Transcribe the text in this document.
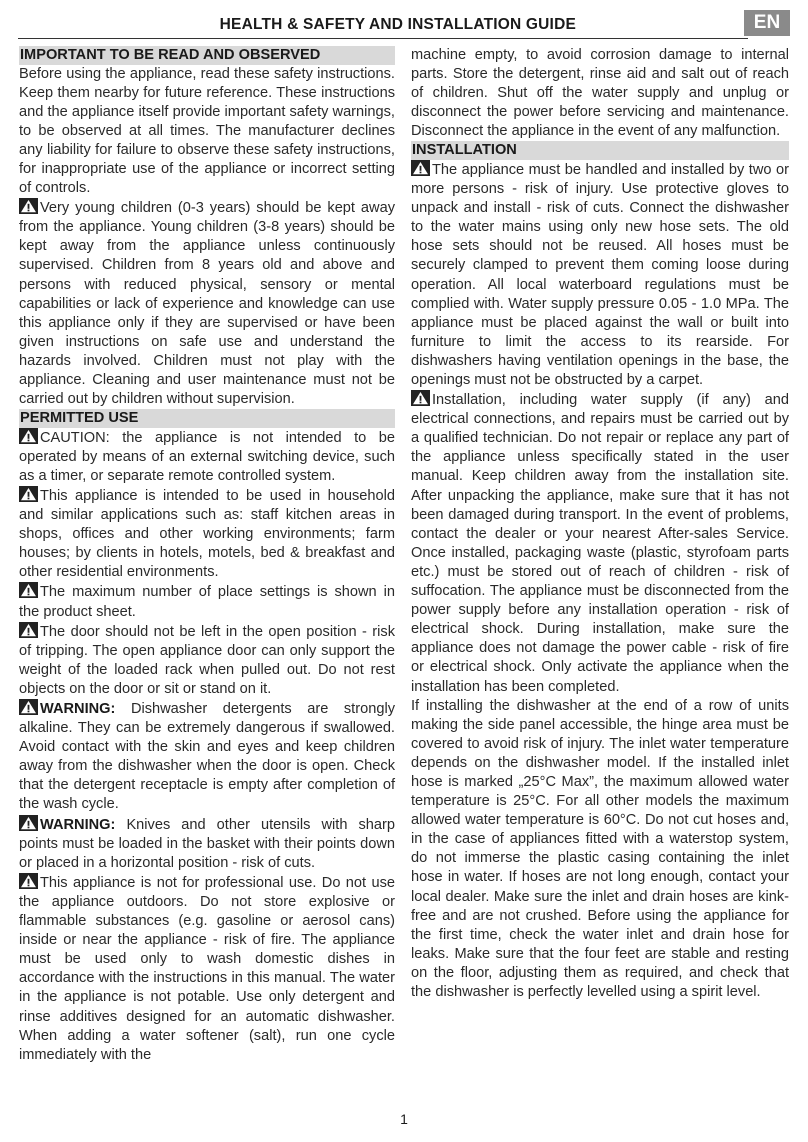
HEALTH & SAFETY AND INSTALLATION GUIDE	EN
IMPORTANT TO BE READ AND OBSERVED

Before using the appliance, read these safety instructions. Keep them nearby for future reference. These instructions and the appliance itself provide important safety warnings, to be observed at all times. The manufacturer declines any liability for failure to observe these safety instructions, for inappropriate use of the appliance or incorrect setting of controls.

Very young children (0-3 years) should be kept away from the appliance. Young children (3-8 years) should be kept away from the appliance unless continuously supervised. Children from 8 years old and above and persons with reduced physical, sensory or mental capabilities or lack of experience and knowledge can use this appliance only if they are supervised or have been given instructions on safe use and understand the hazards involved. Children must not play with the appliance. Cleaning and user maintenance must not be carried out by children without supervision.

PERMITTED USE

CAUTION: the appliance is not intended to be operated by means of an external switching device, such as a timer, or separate remote controlled system.

This appliance is intended to be used in household and similar applications such as: staff kitchen areas in shops, offices and other working environments; farm houses; by clients in hotels, motels, bed & breakfast and other residential environments.

The maximum number of place settings is shown in the product sheet.

The door should not be left in the open position - risk of tripping. The open appliance door can only support the weight of the loaded rack when pulled out. Do not rest objects on the door or sit or stand on it.

WARNING: Dishwasher detergents are strongly alkaline. They can be extremely dangerous if swallowed. Avoid contact with the skin and eyes and keep children away from the dishwasher when the door is open. Check that the detergent receptacle is empty after completion of the wash cycle.

WARNING: Knives and other utensils with sharp points must be loaded in the basket with their points down or placed in a horizontal position - risk of cuts.

This appliance is not for professional use. Do not use the appliance outdoors. Do not store explosive or flammable substances (e.g. gasoline or aerosol cans) inside or near the appliance - risk of fire. The appliance must be used only to wash domestic dishes in accordance with the instructions in this manual. The water in the appliance is not potable. Use only detergent and rinse additives designed for an automatic dishwasher. When adding a water softener (salt), run one cycle immediately with the

machine empty, to avoid corrosion damage to internal parts. Store the detergent, rinse aid and salt out of reach of children. Shut off the water supply and unplug or disconnect the power before servicing and maintenance. Disconnect the appliance in the event of any malfunction.

INSTALLATION

The appliance must be handled and installed by two or more persons - risk of injury. Use protective gloves to unpack and install - risk of cuts. Connect the dishwasher to the water mains using only new hose sets. The old hose sets should not be reused. All hoses must be securely clamped to prevent them coming loose during operation. All local waterboard regulations must be complied with. Water supply pressure 0.05 - 1.0 MPa. The appliance must be placed against the wall or built into furniture to limit the access to its rearside. For dishwashers having ventilation openings in the base, the openings must not be obstructed by a carpet.

Installation, including water supply (if any) and electrical connections, and repairs must be carried out by a qualified technician. Do not repair or replace any part of the appliance unless specifically stated in the user manual. Keep children away from the installation site. After unpacking the appliance, make sure that it has not been damaged during transport. In the event of problems, contact the dealer or your nearest After-sales Service. Once installed, packaging waste (plastic, styrofoam parts etc.) must be stored out of reach of children - risk of suffocation. The appliance must be disconnected from the power supply before any installation operation - risk of electrical shock. During installation, make sure the appliance does not damage the power cable - risk of fire or electrical shock. Only activate the appliance when the installation has been completed.

If installing the dishwasher at the end of a row of units making the side panel accessible, the hinge area must be covered to avoid risk of injury. The inlet water temperature depends on the dishwasher model. If the installed inlet hose is marked „25°C Max”, the maximum allowed water temperature is 25°C. For all other models the maximum allowed water temperature is 60°C. Do not cut hoses and, in the case of appliances fitted with a waterstop system, do not immerse the plastic casing containing the inlet hose in water. If hoses are not long enough, contact your local dealer. Make sure the inlet and drain hoses are kink-free and are not crushed. Before using the appliance for the first time, check the water inlet and drain hose for leaks. Make sure that the four feet are stable and resting on the floor, adjusting them as required, and check that the dishwasher is perfectly levelled using a spirit level.

1
